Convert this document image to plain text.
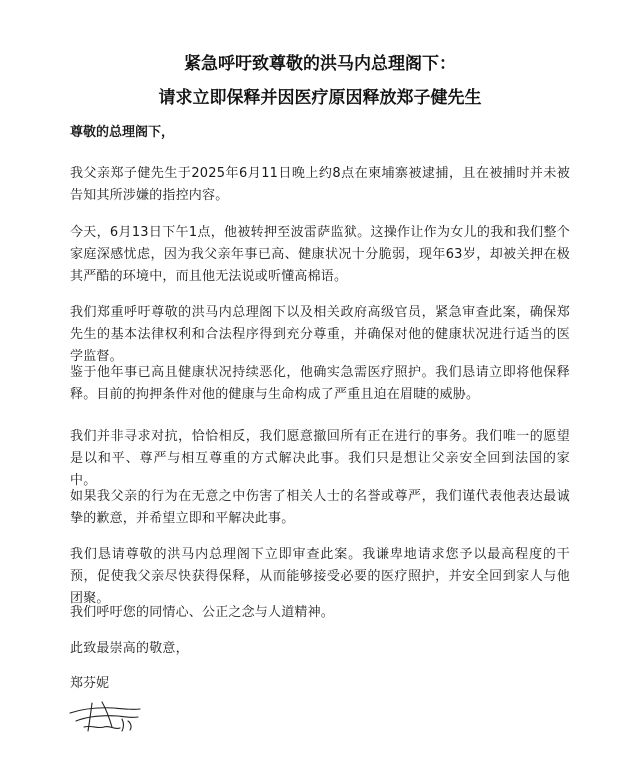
紧急呼吁致尊敬的洪马内总理阁下：
请求立即保释并因医疗原因释放郑子健先生

尊敬的总理阁下，

我父亲郑子健先生于2025年6月11日晚上约8点在柬埔寨被逮捕，且在被捕时并未被告知其所涉嫌的指控内容。

今天，6月13日下午1点，他被转押至波雷萨监狱。这操作让作为女儿的我和我们整个家庭深感忧虑，因为我父亲年事已高、健康状况十分脆弱，现年63岁，却被关押在极其严酷的环境中，而且他无法说或听懂高棉语。

我们郑重呼吁尊敬的洪马内总理阁下以及相关政府高级官员，紧急审查此案，确保郑先生的基本法律权利和合法程序得到充分尊重，并确保对他的健康状况进行适当的医学监督。

鉴于他年事已高且健康状况持续恶化，他确实急需医疗照护。我们恳请立即将他保释释。目前的拘押条件对他的健康与生命构成了严重且迫在眉睫的威胁。

我们并非寻求对抗，恰恰相反，我们愿意撤回所有正在进行的事务。我们唯一的愿望是以和平、尊严与相互尊重的方式解决此事。我们只是想让父亲安全回到法国的家中。

如果我父亲的行为在无意之中伤害了相关人士的名誉或尊严，我们谨代表他表达最诚挚的歉意，并希望立即和平解决此事。

我们恳请尊敬的洪马内总理阁下立即审查此案。我谦卑地请求您予以最高程度的干预，促使我父亲尽快获得保释，从而能够接受必要的医疗照护，并安全回到家人与他团聚。

我们呼吁您的同情心、公正之念与人道精神。

此致最崇高的敬意，

郑芬妮
